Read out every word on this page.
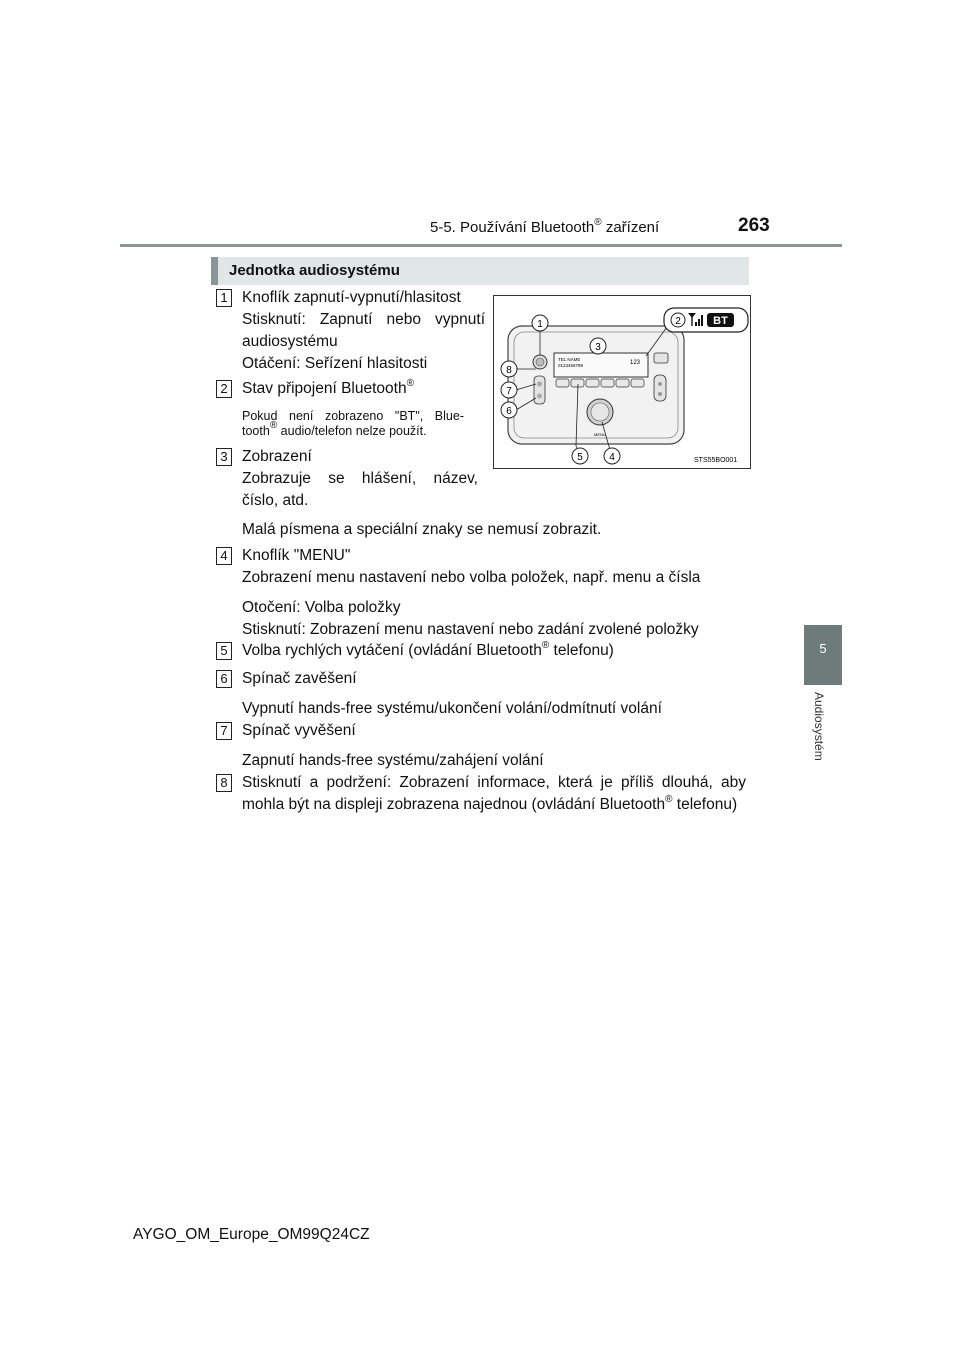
5-5. Používání Bluetooth® zařízení	263
5
Audiosystém
Jednotka audiosystému
1 Knoflík zapnutí-vypnutí/hlasitost
Stisknutí: Zapnutí nebo vypnutí audiosystému
Otáčení: Seřízení hlasitosti
2 Stav připojení Bluetooth®
Pokud není zobrazeno "BT", Blue-tooth® audio/telefon nelze použít.
3 Zobrazení
Zobrazuje se hlášení, název, číslo, atd.
Malá písmena a speciální znaky se nemusí zobrazit.
4 Knoflík "MENU"
Zobrazení menu nastavení nebo volba položek, např. menu a čísla
Otočení: Volba položky
Stisknutí: Zobrazení menu nastavení nebo zadání zvolené položky
5 Volba rychlých vytáčení (ovládání Bluetooth® telefonu)
6 Spínač zavěšení
Vypnutí hands-free systému/ukončení volání/odmítnutí volání
7 Spínač vyvěšení
Zapnutí hands-free systému/zahájení volání
8 Stisknutí a podržení: Zobrazení informace, která je příliš dlouhá, aby mohla být na displeji zobrazena najednou (ovládání Bluetooth® telefonu)
TEL NAME
0123456789	123
MENU
1
3
8
7
6
5	4
2	BT
STS55BO001
AYGO_OM_Europe_OM99Q24CZ
